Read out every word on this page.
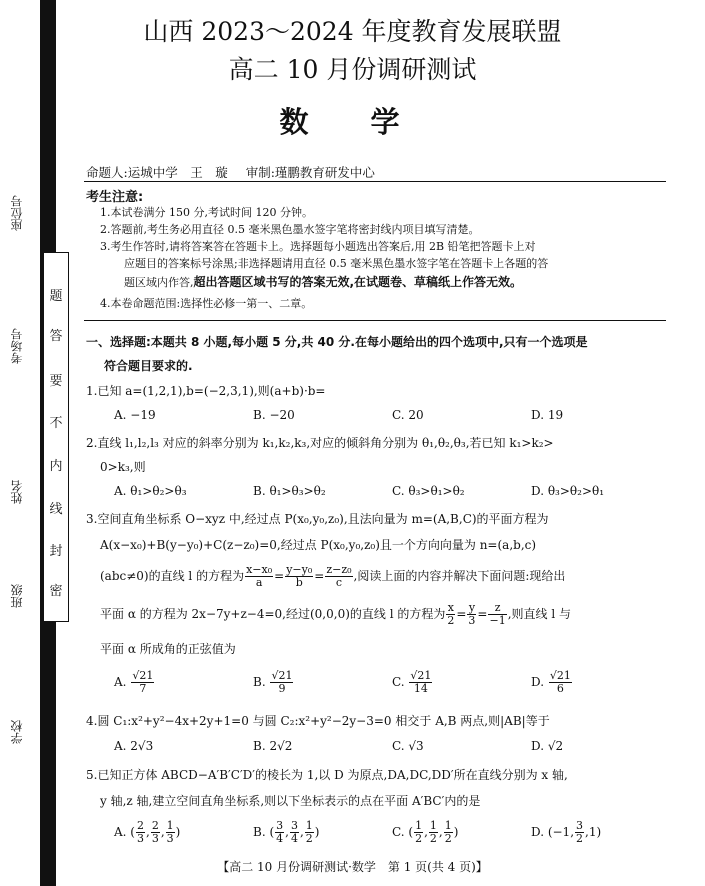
题
答
要
不
内
线
封
密
座位号
考场号
姓名
班级
学校
山西 2023～2024 年度教育发展联盟
高二 10 月份调研测试
数 学
命题人:运城中学　王　璇 审制:瑾鹏教育研发中心
考生注意:
1.本试卷满分 150 分,考试时间 120 分钟。
2.答题前,考生务必用直径 0.5 毫米黑色墨水签字笔将密封线内项目填写清楚。
3.考生作答时,请将答案答在答题卡上。选择题每小题选出答案后,用 2B 铅笔把答题卡上对
应题目的答案标号涂黑;非选择题请用直径 0.5 毫米黑色墨水签字笔在答题卡上各题的答
题区域内作答,超出答题区域书写的答案无效,在试题卷、草稿纸上作答无效。
4.本卷命题范围:选择性必修一第一、二章。
一、选择题:本题共 8 小题,每小题 5 分,共 40 分.在每小题给出的四个选项中,只有一个选项是
符合题目要求的.
1.已知 a=(1,2,1),b=(−2,3,1),则(a+b)·b=
A. −19	B. −20	C. 20	D. 19
2.直线 l₁,l₂,l₃ 对应的斜率分别为 k₁,k₂,k₃,对应的倾斜角分别为 θ₁,θ₂,θ₃,若已知 k₁>k₂>
0>k₃,则
A. θ₁>θ₂>θ₃	B. θ₁>θ₃>θ₂	C. θ₃>θ₁>θ₂	D. θ₃>θ₂>θ₁
3.空间直角坐标系 O−xyz 中,经过点 P(x₀,y₀,z₀),且法向量为 m=(A,B,C)的平面方程为
A(x−x₀)+B(y−y₀)+C(z−z₀)=0,经过点 P(x₀,y₀,z₀)且一个方向向量为 n=(a,b,c)
(abc≠0)的直线 l 的方程为 $\frac{\text{x−x₀}}{a} = \frac{\text{y−y₀}}{b} = \frac{\text{z−z₀}}{c}$ ,阅读上面的内容并解决下面问题:现给出
平面 α 的方程为 2x−7y+z−4=0,经过(0,0,0)的直线 l 的方程为 $\frac{x}{2} = \frac{y}{3} = \frac{z}{-1}$ ,则直线 l 与
平面 α 所成角的正弦值为
A. $\frac{√21}{7}$	B. $\frac{√21}{9}$	C. $\frac{√21}{14}$	D. $\frac{√21}{6}$
4.圆 C₁:x²+y²−4x+2y+1=0 与圆 C₂:x²+y²−2y−3=0 相交于 A,B 两点,则|AB|等于
A. 2√3	B. 2√2	C. √3	D. √2
5.已知正方体 ABCD−A′B′C′D′的棱长为 1,以 D 为原点,DA,DC,DD′所在直线分别为 x 轴,
y 轴,z 轴,建立空间直角坐标系,则以下坐标表示的点在平面 A′BC′内的是
A. ( $\frac{2}{3}$ , $\frac{2}{3}$ , $\frac{1}{3}$ )	B. ( $\frac{3}{4}$ , $\frac{3}{4}$ , $\frac{1}{2}$ )	C. ( $\frac{1}{2}$ , $\frac{1}{2}$ , $\frac{1}{2}$ )	D. (−1, $\frac{3}{2} ,1$)
【高二 10 月份调研测试·数学　第 1 页(共 4 页)】
